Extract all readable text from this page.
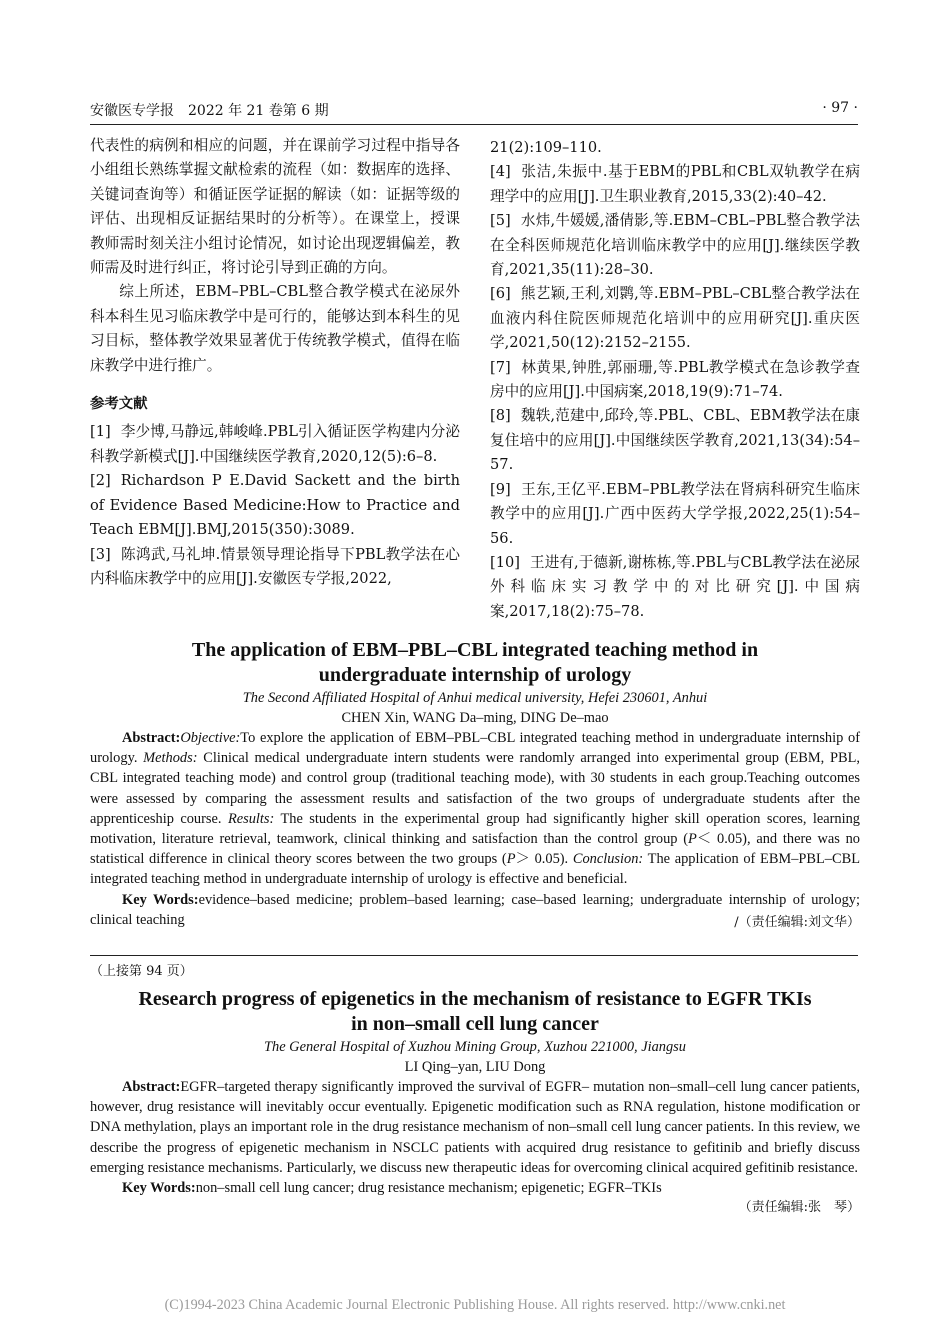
安徽医专学报　2022 年 21 卷第 6 期	· 97 ·

代表性的病例和相应的问题，并在课前学习过程中指导各小组组长熟练掌握文献检索的流程（如：数据库的选择、关键词查询等）和循证医学证据的解读（如：证据等级的评估、出现相反证据结果时的分析等）。在课堂上，授课教师需时刻关注小组讨论情况，如讨论出现逻辑偏差，教师需及时进行纠正，将讨论引导到正确的方向。

综上所述，EBM–PBL–CBL整合教学模式在泌尿外科本科生见习临床教学中是可行的，能够达到本科生的见习目标，整体教学效果显著优于传统教学模式，值得在临床教学中进行推广。

参考文献

[1] 李少博,马静远,韩峻峰.PBL引入循证医学构建内分泌科教学新模式[J].中国继续医学教育,2020,12(5):6–8.

[2] Richardson P E.David Sackett and the birth of Evidence Based Medicine:How to Practice and Teach EBM[J].BMJ,2015(350):3089.

[3] 陈鸿武,马礼坤.情景领导理论指导下PBL教学法在心内科临床教学中的应用[J].安徽医专学报,2022,

21(2):109–110.

[4] 张洁,朱振中.基于EBM的PBL和CBL双轨教学在病理学中的应用[J].卫生职业教育,2015,33(2):40–42.

[5] 水炜,牛媛媛,潘倩影,等.EBM–CBL–PBL整合教学法在全科医师规范化培训临床教学中的应用[J].继续医学教育,2021,35(11):28–30.

[6] 熊艺颖,王利,刘鹮,等.EBM–PBL–CBL整合教学法在血液内科住院医师规范化培训中的应用研究[J].重庆医学,2021,50(12):2152–2155.

[7] 林黄果,钟胜,郭丽珊,等.PBL教学模式在急诊教学查房中的应用[J].中国病案,2018,19(9):71–74.

[8] 魏轶,范建中,邱玲,等.PBL、CBL、EBM教学法在康复住培中的应用[J].中国继续医学教育,2021,13(34):54–57.

[9] 王东,王亿平.EBM–PBL教学法在肾病科研究生临床教学中的应用[J].广西中医药大学学报,2022,25(1):54–56.

[10] 王进有,于德新,谢栋栋,等.PBL与CBL教学法在泌尿外科临床实习教学中的对比研究[J].中国病案,2017,18(2):75–78.

The application of EBM–PBL–CBL integrated teaching method in

undergraduate internship of urology

The Second Affiliated Hospital of Anhui medical university, Hefei 230601, Anhui

CHEN Xin, WANG Da–ming, DING De–mao

Abstract:Objective:To explore the application of EBM–PBL–CBL integrated teaching method in undergraduate internship of urology. Methods: Clinical medical undergraduate intern students were randomly arranged into experimental group (EBM, PBL, CBL integrated teaching mode) and control group (traditional teaching mode), with 30 students in each group.Teaching outcomes were assessed by comparing the assessment results and satisfaction of the two groups of undergraduate students after the apprenticeship course. Results: The students in the experimental group had significantly higher skill operation scores, learning motivation, literature retrieval, teamwork, clinical thinking and satisfaction than the control group (P＜ 0.05), and there was no statistical difference in clinical theory scores between the two groups (P＞ 0.05). Conclusion: The application of EBM–PBL–CBL integrated teaching method in undergraduate internship of urology is effective and beneficial.

Key Words:evidence–based medicine; problem–based learning; case–based learning; undergraduate internship of urology; clinical teaching	/（责任编辑:刘文华）
（上接第 94 页）

Research progress of epigenetics in the mechanism of resistance to EGFR TKIs

in non–small cell lung cancer

The General Hospital of Xuzhou Mining Group, Xuzhou 221000, Jiangsu

LI Qing–yan, LIU Dong

Abstract:EGFR–targeted therapy significantly improved the survival of EGFR– mutation non–small–cell lung cancer patients, however, drug resistance will inevitably occur eventually. Epigenetic modification such as RNA regulation, histone modification or DNA methylation, plays an important role in the drug resistance mechanism of non–small cell lung cancer patients. In this review, we describe the progress of epigenetic mechanism in NSCLC patients with acquired drug resistance to gefitinib and briefly discuss emerging resistance mechanisms. Particularly, we discuss new therapeutic ideas for overcoming clinical acquired gefitinib resistance.

Key Words:non–small cell lung cancer; drug resistance mechanism; epigenetic; EGFR–TKIs

（责任编辑:张　琴）

(C)1994-2023 China Academic Journal Electronic Publishing House. All rights reserved. http://www.cnki.net
